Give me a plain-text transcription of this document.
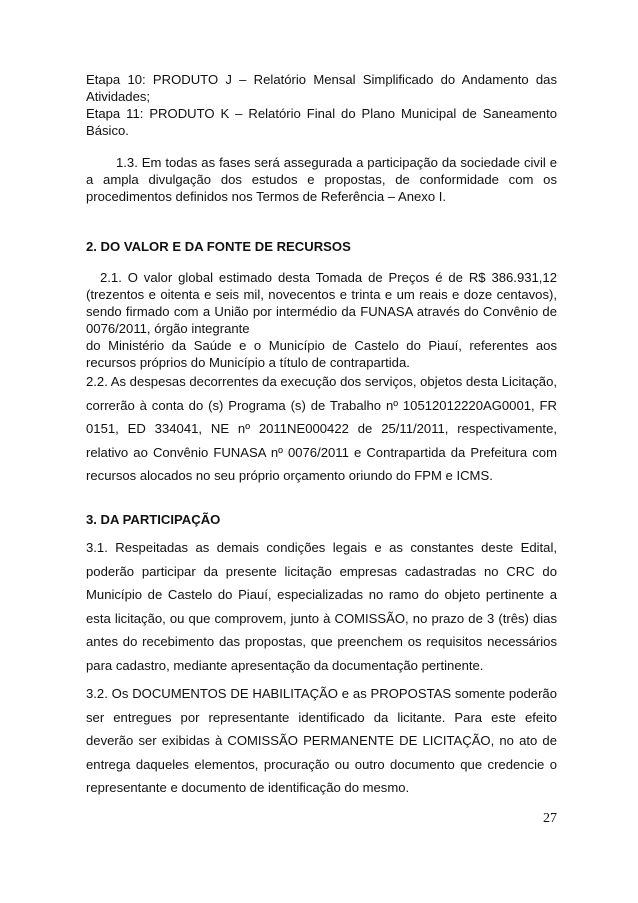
Etapa 10: PRODUTO J – Relatório Mensal Simplificado do Andamento das Atividades;
Etapa 11: PRODUTO K – Relatório Final do Plano Municipal de Saneamento Básico.

1.3. Em todas as fases será assegurada a participação da sociedade civil e a ampla divulgação dos estudos e propostas, de conformidade com os procedimentos definidos nos Termos de Referência – Anexo I.

2. DO VALOR E DA FONTE DE RECURSOS

2.1. O valor global estimado desta Tomada de Preços é de R$ 386.931,12 (trezentos e oitenta e seis mil, novecentos e trinta e um reais e doze centavos), sendo firmado com a União por intermédio da FUNASA através do Convênio de 0076/2011, órgão integrante
do Ministério da Saúde e o Município de Castelo do Piauí, referentes aos recursos próprios do Município a título de contrapartida.

2.2. As despesas decorrentes da execução dos serviços, objetos desta Licitação, correrão à conta do (s) Programa (s) de Trabalho nº 10512012220AG0001, FR 0151, ED 334041, NE nº 2011NE000422 de 25/11/2011, respectivamente, relativo ao Convênio FUNASA nº 0076/2011 e Contrapartida da Prefeitura com recursos alocados no seu próprio orçamento oriundo do FPM e ICMS.

3. DA PARTICIPAÇÃO

3.1. Respeitadas as demais condições legais e as constantes deste Edital, poderão participar da presente licitação empresas cadastradas no CRC do Município de Castelo do Piauí, especializadas no ramo do objeto pertinente a esta licitação, ou que comprovem, junto à COMISSÃO, no prazo de 3 (três) dias antes do recebimento das propostas, que preenchem os requisitos necessários para cadastro, mediante apresentação da documentação pertinente.

3.2. Os DOCUMENTOS DE HABILITAÇÃO e as PROPOSTAS somente poderão ser entregues por representante identificado da licitante. Para este efeito deverão ser exibidas à COMISSÃO PERMANENTE DE LICITAÇÃO, no ato de entrega daqueles elementos, procuração ou outro documento que credencie o representante e documento de identificação do mesmo.

27
